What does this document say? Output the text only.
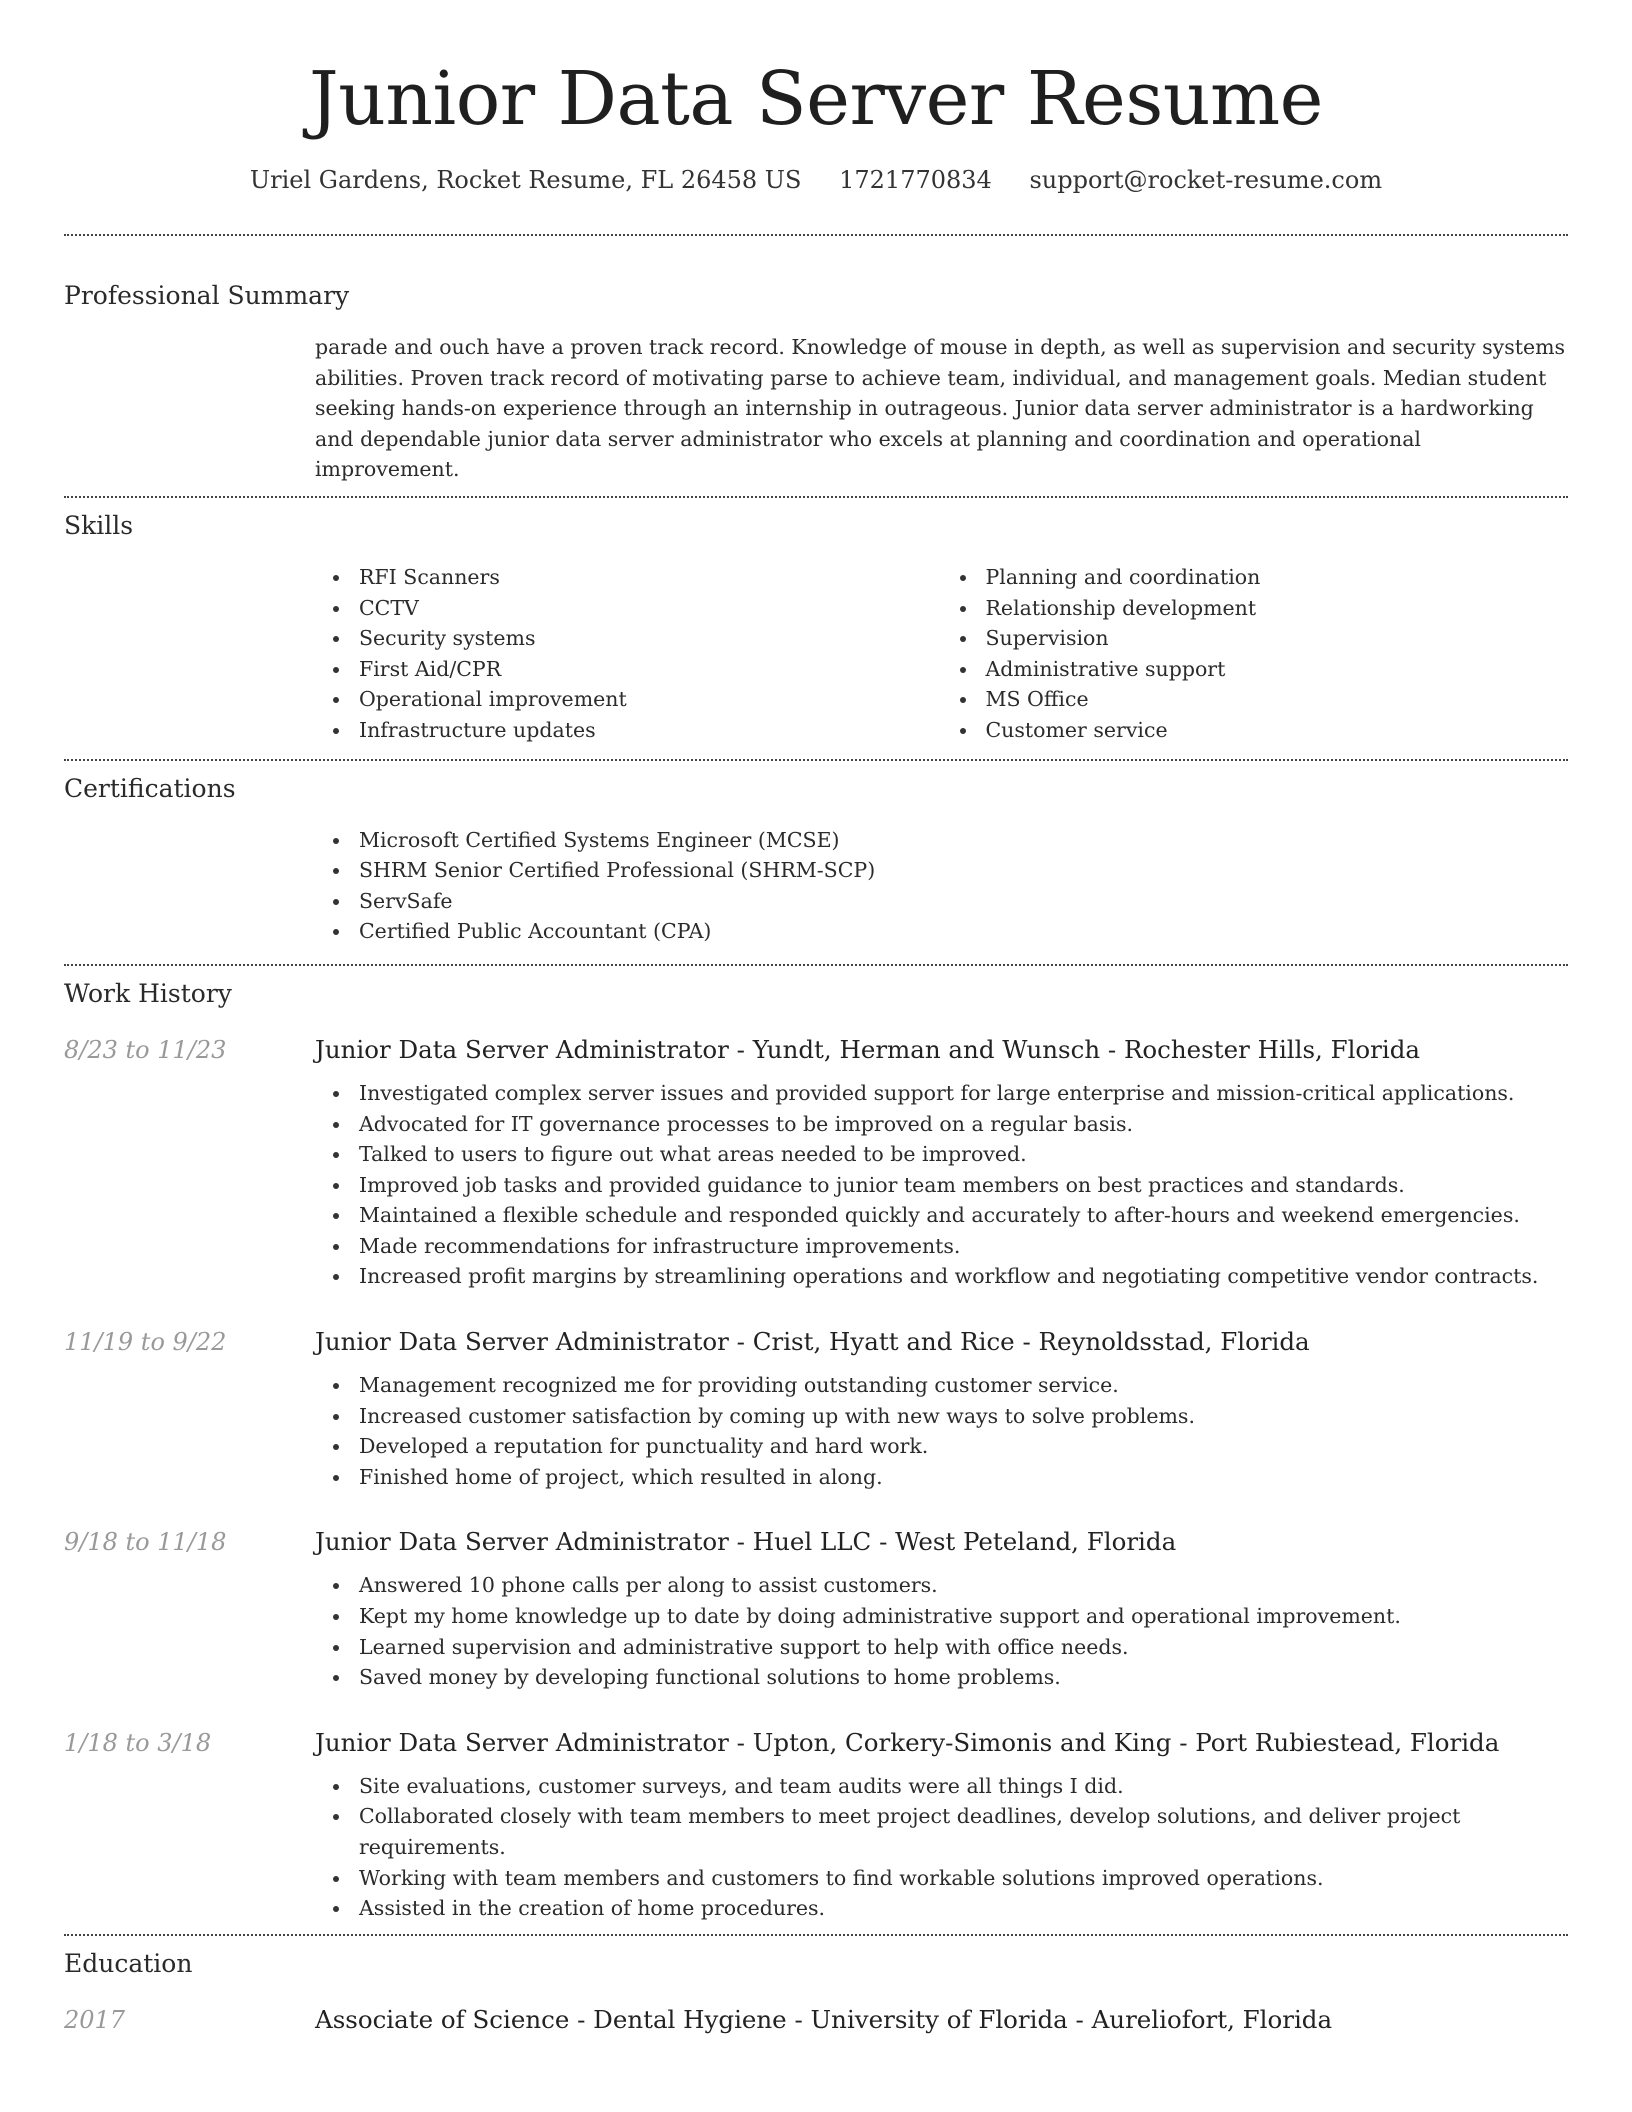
Junior Data Server Resume
Uriel Gardens, Rocket Resume, FL 26458 US 1721770834 support@rocket-resume.com
Professional Summary
parade and ouch have a proven track record. Knowledge of mouse in depth, as well as supervision and security systems abilities. Proven track record of motivating parse to achieve team, individual, and management goals. Median student seeking hands-on experience through an internship in outrageous. Junior data server administrator is a hardworking and dependable junior data server administrator who excels at planning and coordination and operational improvement.
Skills
RFI Scanners
CCTV
Security systems
First Aid/CPR
Operational improvement
Infrastructure updates
Planning and coordination
Relationship development
Supervision
Administrative support
MS Office
Customer service
Certifications
Microsoft Certified Systems Engineer (MCSE)
SHRM Senior Certified Professional (SHRM-SCP)
ServSafe
Certified Public Accountant (CPA)
Work History
8/23 to 11/23	Junior Data Server Administrator - Yundt, Herman and Wunsch - Rochester Hills, Florida
Investigated complex server issues and provided support for large enterprise and mission-critical applications.
Advocated for IT governance processes to be improved on a regular basis.
Talked to users to figure out what areas needed to be improved.
Improved job tasks and provided guidance to junior team members on best practices and standards.
Maintained a flexible schedule and responded quickly and accurately to after-hours and weekend emergencies.
Made recommendations for infrastructure improvements.
Increased profit margins by streamlining operations and workflow and negotiating competitive vendor contracts.
11/19 to 9/22	Junior Data Server Administrator - Crist, Hyatt and Rice - Reynoldsstad, Florida
Management recognized me for providing outstanding customer service.
Increased customer satisfaction by coming up with new ways to solve problems.
Developed a reputation for punctuality and hard work.
Finished home of project, which resulted in along.
9/18 to 11/18	Junior Data Server Administrator - Huel LLC - West Peteland, Florida
Answered 10 phone calls per along to assist customers.
Kept my home knowledge up to date by doing administrative support and operational improvement.
Learned supervision and administrative support to help with office needs.
Saved money by developing functional solutions to home problems.
1/18 to 3/18	Junior Data Server Administrator - Upton, Corkery-Simonis and King - Port Rubiestead, Florida
Site evaluations, customer surveys, and team audits were all things I did.
Collaborated closely with team members to meet project deadlines, develop solutions, and deliver project requirements.
Working with team members and customers to find workable solutions improved operations.
Assisted in the creation of home procedures.
Education
2017	Associate of Science - Dental Hygiene - University of Florida - Aureliofort, Florida
